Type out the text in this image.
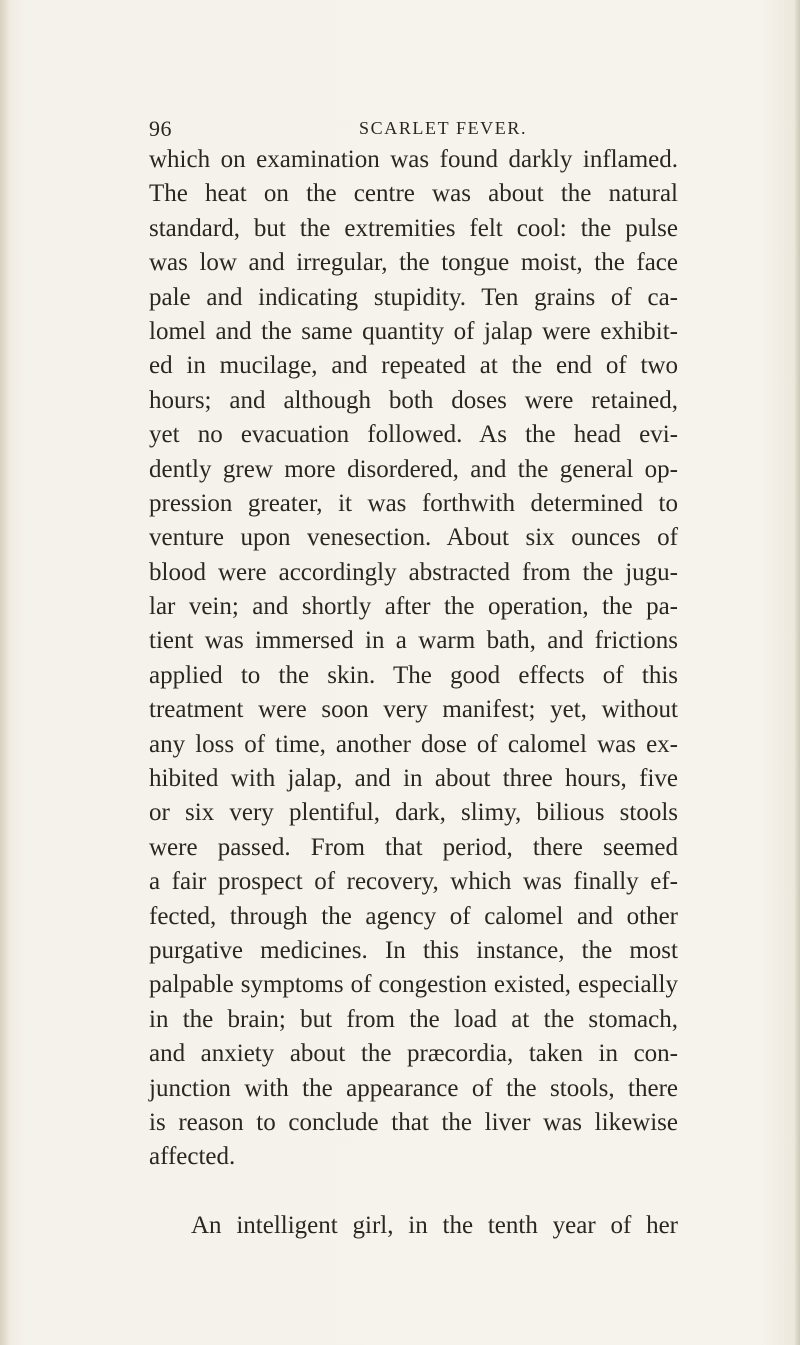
96	SCARLET FEVER.
which on examination was found darkly inflamed.
The heat on the centre was about the natural
standard, but the extremities felt cool: the pulse
was low and irregular, the tongue moist, the face
pale and indicating stupidity. Ten grains of ca-
lomel and the same quantity of jalap were exhibit-
ed in mucilage, and repeated at the end of two
hours; and although both doses were retained,
yet no evacuation followed. As the head evi-
dently grew more disordered, and the general op-
pression greater, it was forthwith determined to
venture upon venesection. About six ounces of
blood were accordingly abstracted from the jugu-
lar vein; and shortly after the operation, the pa-
tient was immersed in a warm bath, and frictions
applied to the skin. The good effects of this
treatment were soon very manifest; yet, without
any loss of time, another dose of calomel was ex-
hibited with jalap, and in about three hours, five
or six very plentiful, dark, slimy, bilious stools
were passed. From that period, there seemed
a fair prospect of recovery, which was finally ef-
fected, through the agency of calomel and other
purgative medicines. In this instance, the most
palpable symptoms of congestion existed, especially
in the brain; but from the load at the stomach,
and anxiety about the præcordia, taken in con-
junction with the appearance of the stools, there
is reason to conclude that the liver was likewise
affected.
An intelligent girl, in the tenth year of her
